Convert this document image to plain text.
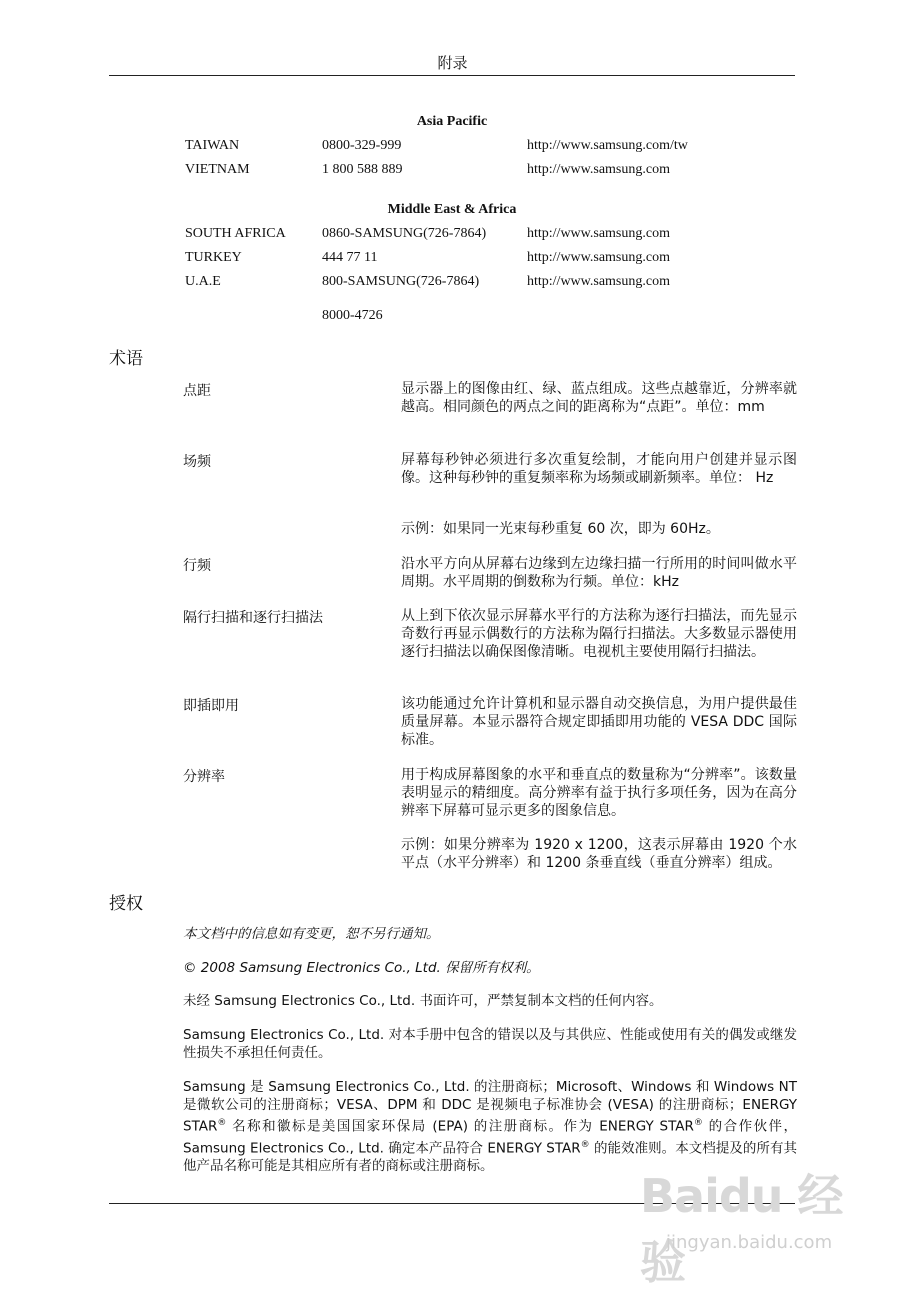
附录
Asia Pacific
TAIWAN	0800-329-999	http://www.samsung.com/tw
VIETNAM	1 800 588 889	http://www.samsung.com
Middle East & Africa
SOUTH AFRICA	0860-SAMSUNG(726-7864)	http://www.samsung.com
TURKEY	444 77 11	http://www.samsung.com
U.A.E	800-SAMSUNG(726-7864)	http://www.samsung.com
8000-4726
术语
点距	显示器上的图像由红、绿、蓝点组成。这些点越靠近，分辨率就越高。相同颜色的两点之间的距离称为“点距”。单位：mm
场频	屏幕每秒钟必须进行多次重复绘制，才能向用户创建并显示图像。这种每秒钟的重复频率称为场频或刷新频率。单位： Hz
示例：如果同一光束每秒重复 60 次，即为 60Hz。
行频	沿水平方向从屏幕右边缘到左边缘扫描一行所用的时间叫做水平周期。水平周期的倒数称为行频。单位：kHz
隔行扫描和逐行扫描法	从上到下依次显示屏幕水平行的方法称为逐行扫描法，而先显示奇数行再显示偶数行的方法称为隔行扫描法。大多数显示器使用逐行扫描法以确保图像清晰。电视机主要使用隔行扫描法。
即插即用	该功能通过允许计算机和显示器自动交换信息，为用户提供最佳质量屏幕。本显示器符合规定即插即用功能的 VESA DDC 国际标准。
分辨率	用于构成屏幕图象的水平和垂直点的数量称为“分辨率”。该数量表明显示的精细度。高分辨率有益于执行多项任务，因为在高分辨率下屏幕可显示更多的图象信息。
示例：如果分辨率为 1920 x 1200，这表示屏幕由 1920 个水平点（水平分辨率）和 1200 条垂直线（垂直分辨率）组成。
授权
本文档中的信息如有变更，恕不另行通知。
© 2008 Samsung Electronics Co., Ltd. 保留所有权利。
未经 Samsung Electronics Co., Ltd. 书面许可，严禁复制本文档的任何内容。
Samsung Electronics Co., Ltd. 对本手册中包含的错误以及与其供应、性能或使用有关的偶发或继发性损失不承担任何责任。
Samsung 是 Samsung Electronics Co., Ltd. 的注册商标；Microsoft、Windows 和 Windows NT 是微软公司的注册商标；VESA、DPM 和 DDC 是视频电子标准协会 (VESA) 的注册商标；ENERGY STAR® 名称和徽标是美国国家环保局 (EPA) 的注册商标。作为 ENERGY STAR® 的合作伙伴，Samsung Electronics Co., Ltd. 确定本产品符合 ENERGY STAR® 的能效准则。本文档提及的所有其他产品名称可能是其相应所有者的商标或注册商标。
Baidu 经验
jingyan.baidu.com
